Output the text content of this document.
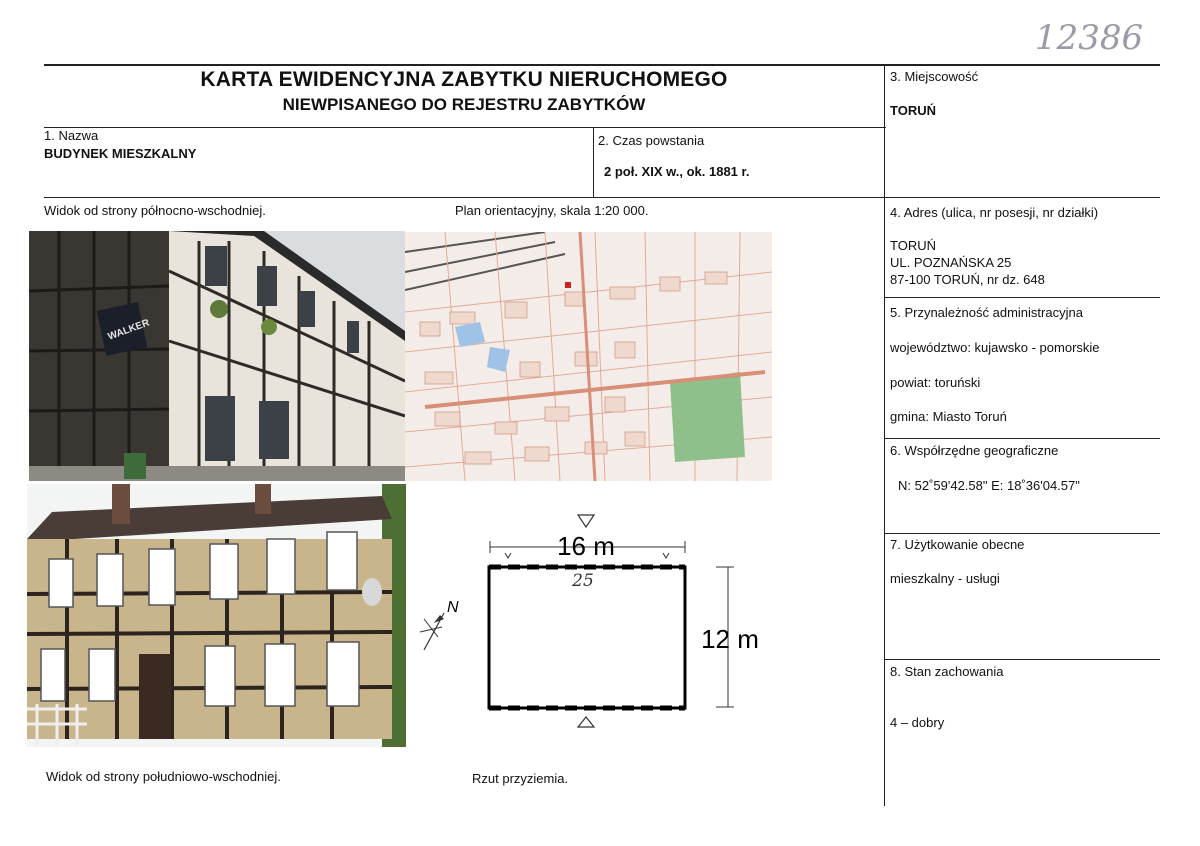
12386
KARTA EWIDENCYJNA ZABYTKU NIERUCHOMEGO
NIEWPISANEGO DO REJESTRU ZABYTKÓW
1. Nazwa
BUDYNEK MIESZKALNY
2. Czas powstania
2 poł. XIX w., ok. 1881 r.
3. Miejscowość
TORUŃ
4. Adres (ulica, nr posesji, nr działki)
TORUŃ
UL. POZNAŃSKA 25
87-100 TORUŃ, nr dz. 648
5. Przynależność administracyjna
województwo: kujawsko - pomorskie
powiat: toruński
gmina: Miasto Toruń
6. Współrzędne geograficzne
N: 52˚59'42.58" E: 18˚36'04.57"
7. Użytkowanie obecne
mieszkalny - usługi
8. Stan zachowania
4 – dobry
Widok od strony północno-wschodniej.	Plan orientacyjny, skala 1:20 000.
Widok od strony południowo-wschodniej.	Rzut przyziemia.
WALKER
16 m
12 m
25
N
